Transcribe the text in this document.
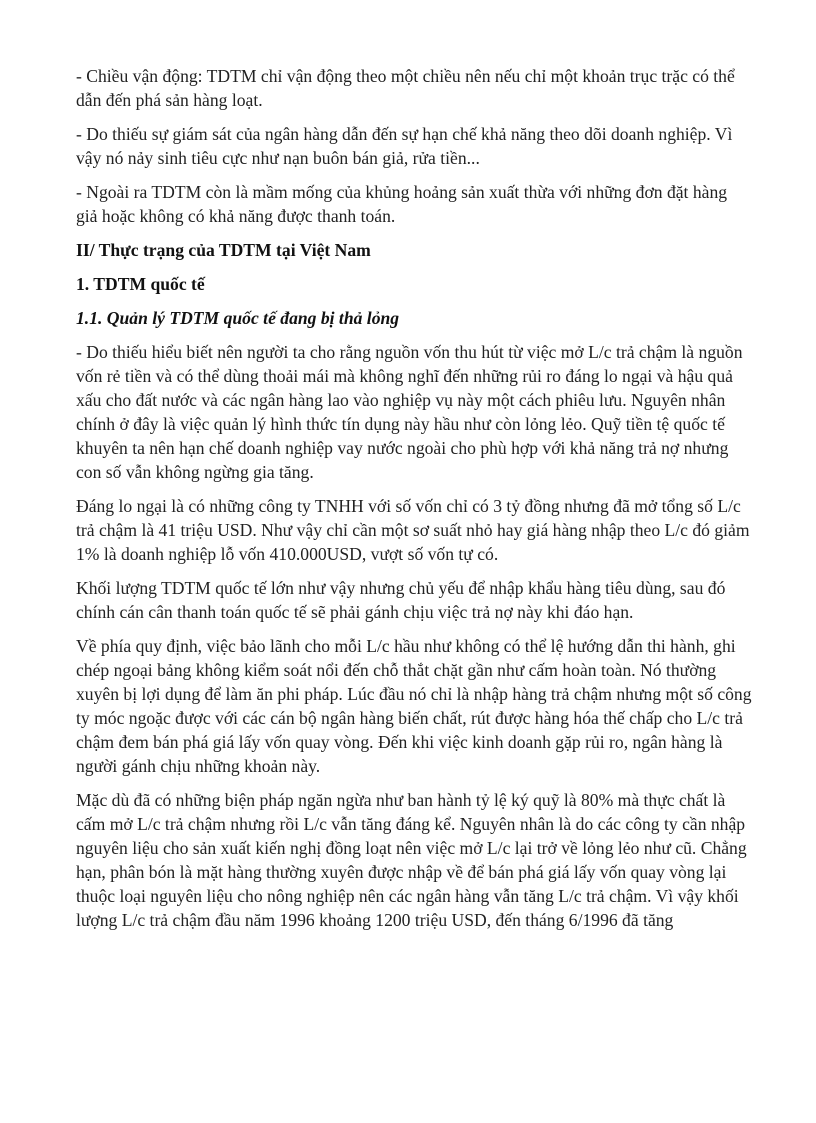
- Chiều vận động: TDTM chỉ vận động theo một chiều nên nếu chỉ một khoản trục trặc có thể dẫn đến phá sản hàng loạt.

- Do thiếu sự giám sát của ngân hàng dẫn đến sự hạn chế khả năng theo dõi doanh nghiệp. Vì vậy nó nảy sinh tiêu cực như nạn buôn bán giả, rửa tiền...

- Ngoài ra TDTM còn là mầm mống của khủng hoảng sản xuất thừa với những đơn đặt hàng giả hoặc không có khả năng được thanh toán.

II/ Thực trạng của TDTM tại Việt Nam
1. TDTM quốc tế
1.1. Quản lý TDTM quốc tế đang bị thả lỏng

- Do thiếu hiểu biết nên người ta cho rằng nguồn vốn thu hút từ việc mở L/c trả chậm là nguồn vốn rẻ tiền và có thể dùng thoải mái mà không nghĩ đến những rủi ro đáng lo ngại và hậu quả xấu cho đất nước và các ngân hàng lao vào nghiệp vụ này một cách phiêu lưu. Nguyên nhân chính ở đây là việc quản lý hình thức tín dụng này hầu như còn lỏng lẻo. Quỹ tiền tệ quốc tế khuyên ta nên hạn chế doanh nghiệp vay nước ngoài cho phù hợp với khả năng trả nợ nhưng con số vẫn không ngừng gia tăng.

Đáng lo ngại là có những công ty TNHH với số vốn chỉ có 3 tỷ đồng nhưng đã mở tổng số L/c trả chậm là 41 triệu USD. Như vậy chỉ cần một sơ suất nhỏ hay giá hàng nhập theo L/c đó giảm 1% là doanh nghiệp lỗ vốn 410.000USD, vượt số vốn tự có.

Khối lượng TDTM quốc tế lớn như vậy nhưng chủ yếu để nhập khẩu hàng tiêu dùng, sau đó chính cán cân thanh toán quốc tế sẽ phải gánh chịu việc trả nợ này khi đáo hạn.

Về phía quy định, việc bảo lãnh cho mỗi L/c hầu như không có thể lệ hướng dẫn thi hành, ghi chép ngoại bảng không kiểm soát nổi đến chỗ thắt chặt gần như cấm hoàn toàn. Nó thường xuyên bị lợi dụng để làm ăn phi pháp. Lúc đầu nó chỉ là nhập hàng trả chậm nhưng một số công ty móc ngoặc được với các cán bộ ngân hàng biến chất, rút được hàng hóa thế chấp cho L/c trả chậm đem bán phá giá lấy vốn quay vòng. Đến khi việc kinh doanh gặp rủi ro, ngân hàng là người gánh chịu những khoản này.

Mặc dù đã có những biện pháp ngăn ngừa như ban hành tỷ lệ ký quỹ là 80% mà thực chất là cấm mở L/c trả chậm nhưng rồi L/c vẫn tăng đáng kể. Nguyên nhân là do các công ty cần nhập nguyên liệu cho sản xuất kiến nghị đồng loạt nên việc mở L/c lại trở về lỏng lẻo như cũ. Chẳng hạn, phân bón là mặt hàng thường xuyên được nhập về để bán phá giá lấy vốn quay vòng lại thuộc loại nguyên liệu cho nông nghiệp nên các ngân hàng vẫn tăng L/c trả chậm. Vì vậy khối lượng L/c trả chậm đầu năm 1996 khoảng 1200 triệu USD, đến tháng 6/1996 đã tăng
